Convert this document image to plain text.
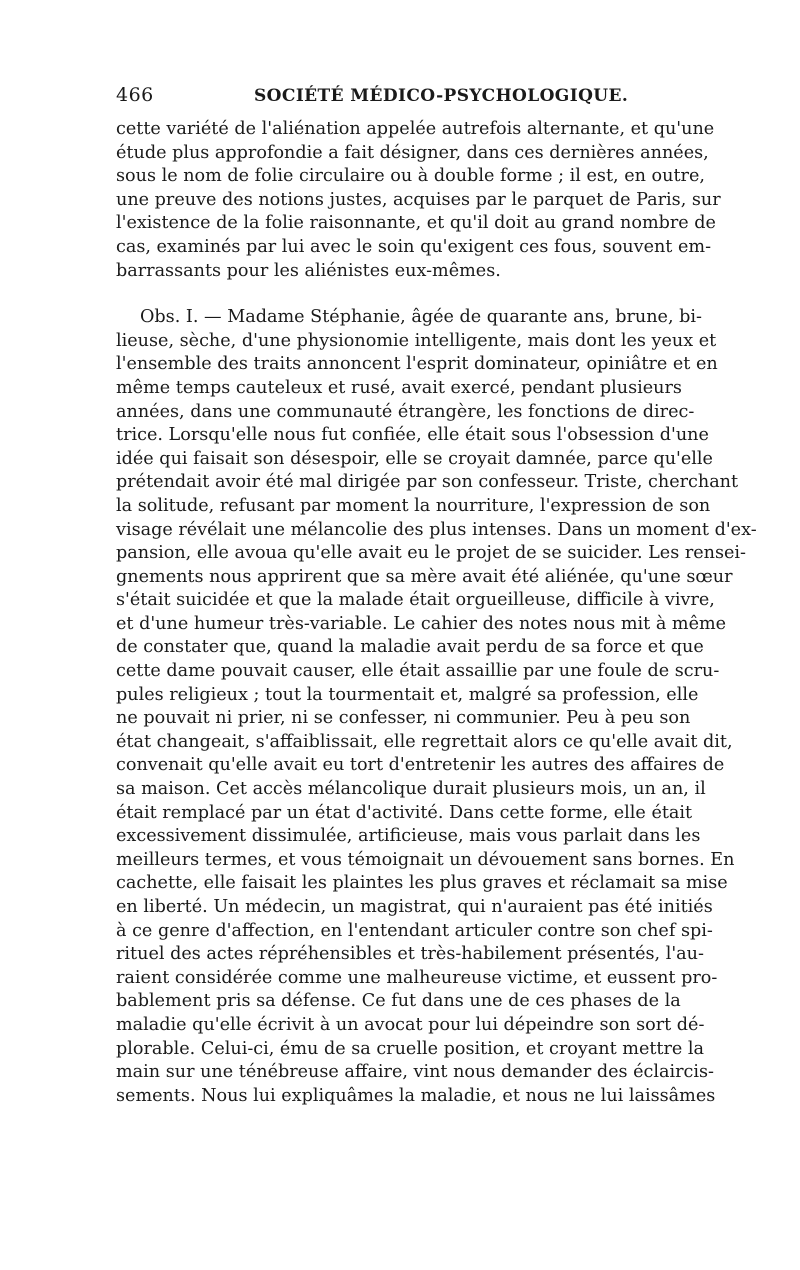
466	SOCIÉTÉ MÉDICO-PSYCHOLOGIQUE.
cette variété de l'aliénation appelée autrefois alternante, et qu'une
étude plus approfondie a fait désigner, dans ces dernières années,
sous le nom de folie circulaire ou à double forme ; il est, en outre,
une preuve des notions justes, acquises par le parquet de Paris, sur
l'existence de la folie raisonnante, et qu'il doit au grand nombre de
cas, examinés par lui avec le soin qu'exigent ces fous, souvent em-
barrassants pour les aliénistes eux-mêmes.
Obs. I. — Madame Stéphanie, âgée de quarante ans, brune, bi-
lieuse, sèche, d'une physionomie intelligente, mais dont les yeux et
l'ensemble des traits annoncent l'esprit dominateur, opiniâtre et en
même temps cauteleux et rusé, avait exercé, pendant plusieurs
années, dans une communauté étrangère, les fonctions de direc-
trice. Lorsqu'elle nous fut confiée, elle était sous l'obsession d'une
idée qui faisait son désespoir, elle se croyait damnée, parce qu'elle
prétendait avoir été mal dirigée par son confesseur. Triste, cherchant
la solitude, refusant par moment la nourriture, l'expression de son
visage révélait une mélancolie des plus intenses. Dans un moment d'ex-
pansion, elle avoua qu'elle avait eu le projet de se suicider. Les rensei-
gnements nous apprirent que sa mère avait été aliénée, qu'une sœur
s'était suicidée et que la malade était orgueilleuse, difficile à vivre,
et d'une humeur très-variable. Le cahier des notes nous mit à même
de constater que, quand la maladie avait perdu de sa force et que
cette dame pouvait causer, elle était assaillie par une foule de scru-
pules religieux ; tout la tourmentait et, malgré sa profession, elle
ne pouvait ni prier, ni se confesser, ni communier. Peu à peu son
état changeait, s'affaiblissait, elle regrettait alors ce qu'elle avait dit,
convenait qu'elle avait eu tort d'entretenir les autres des affaires de
sa maison. Cet accès mélancolique durait plusieurs mois, un an, il
était remplacé par un état d'activité. Dans cette forme, elle était
excessivement dissimulée, artificieuse, mais vous parlait dans les
meilleurs termes, et vous témoignait un dévouement sans bornes. En
cachette, elle faisait les plaintes les plus graves et réclamait sa mise
en liberté. Un médecin, un magistrat, qui n'auraient pas été initiés
à ce genre d'affection, en l'entendant articuler contre son chef spi-
rituel des actes répréhensibles et très-habilement présentés, l'au-
raient considérée comme une malheureuse victime, et eussent pro-
bablement pris sa défense. Ce fut dans une de ces phases de la
maladie qu'elle écrivit à un avocat pour lui dépeindre son sort dé-
plorable. Celui-ci, ému de sa cruelle position, et croyant mettre la
main sur une ténébreuse affaire, vint nous demander des éclaircis-
sements. Nous lui expliquâmes la maladie, et nous ne lui laissâmes
